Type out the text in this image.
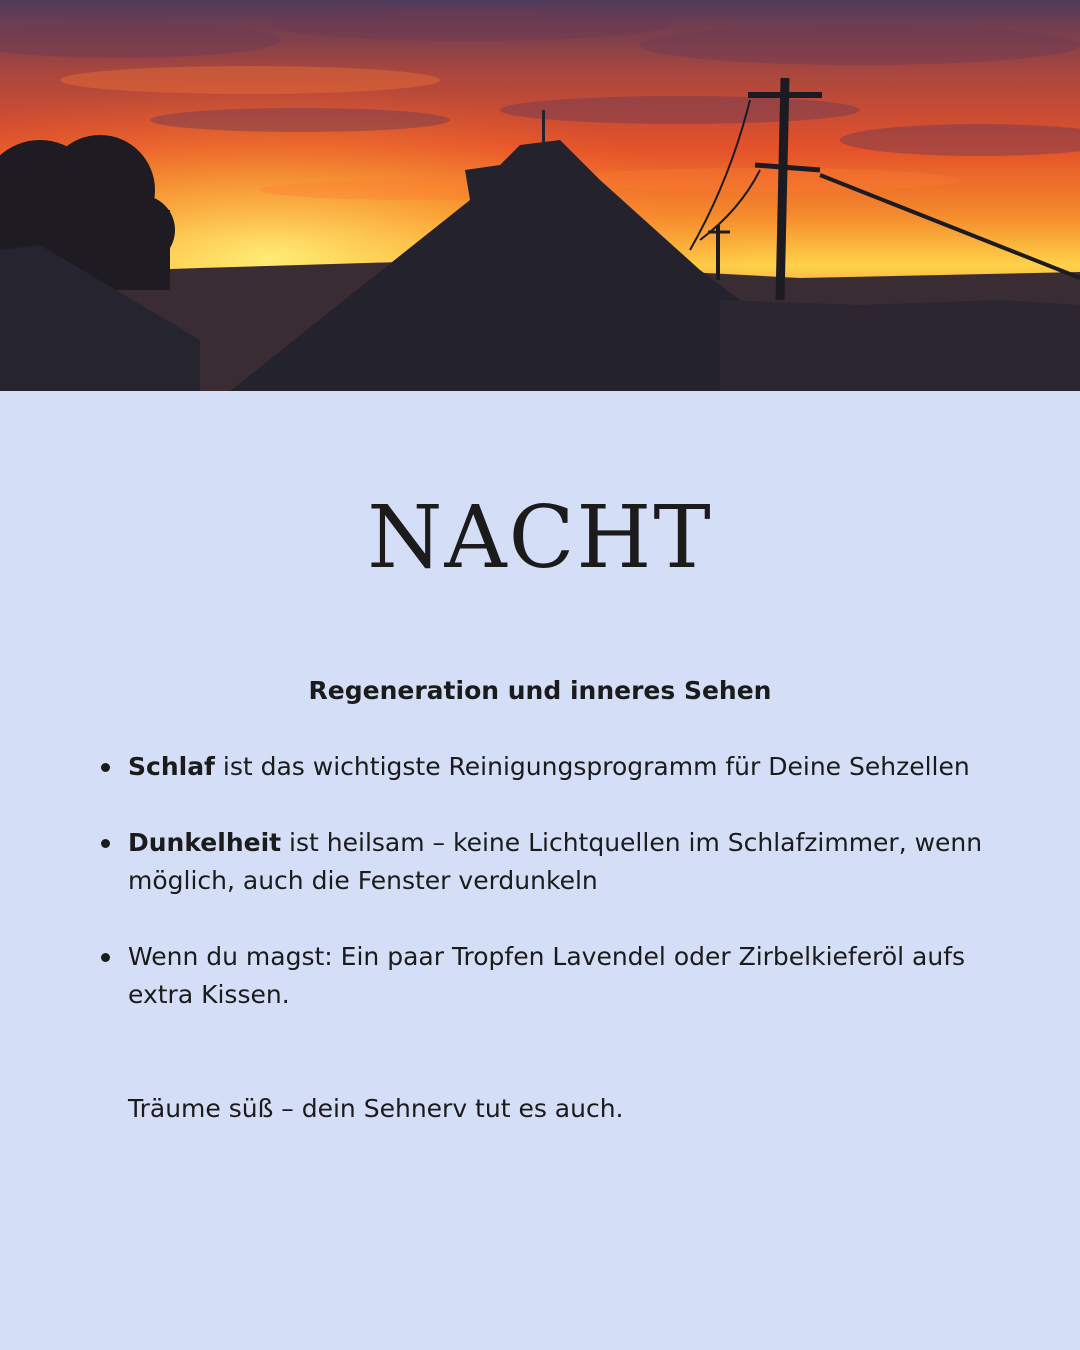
NACHT

Regeneration und inneres Sehen

Schlaf ist das wichtigste Reinigungsprogramm für Deine Sehzellen
Dunkelheit ist heilsam – keine Lichtquellen im Schlafzimmer, wenn möglich, auch die Fenster verdunkeln
Wenn du magst: Ein paar Tropfen Lavendel oder Zirbelkieferöl aufs extra Kissen.

Träume süß – dein Sehnerv tut es auch.
